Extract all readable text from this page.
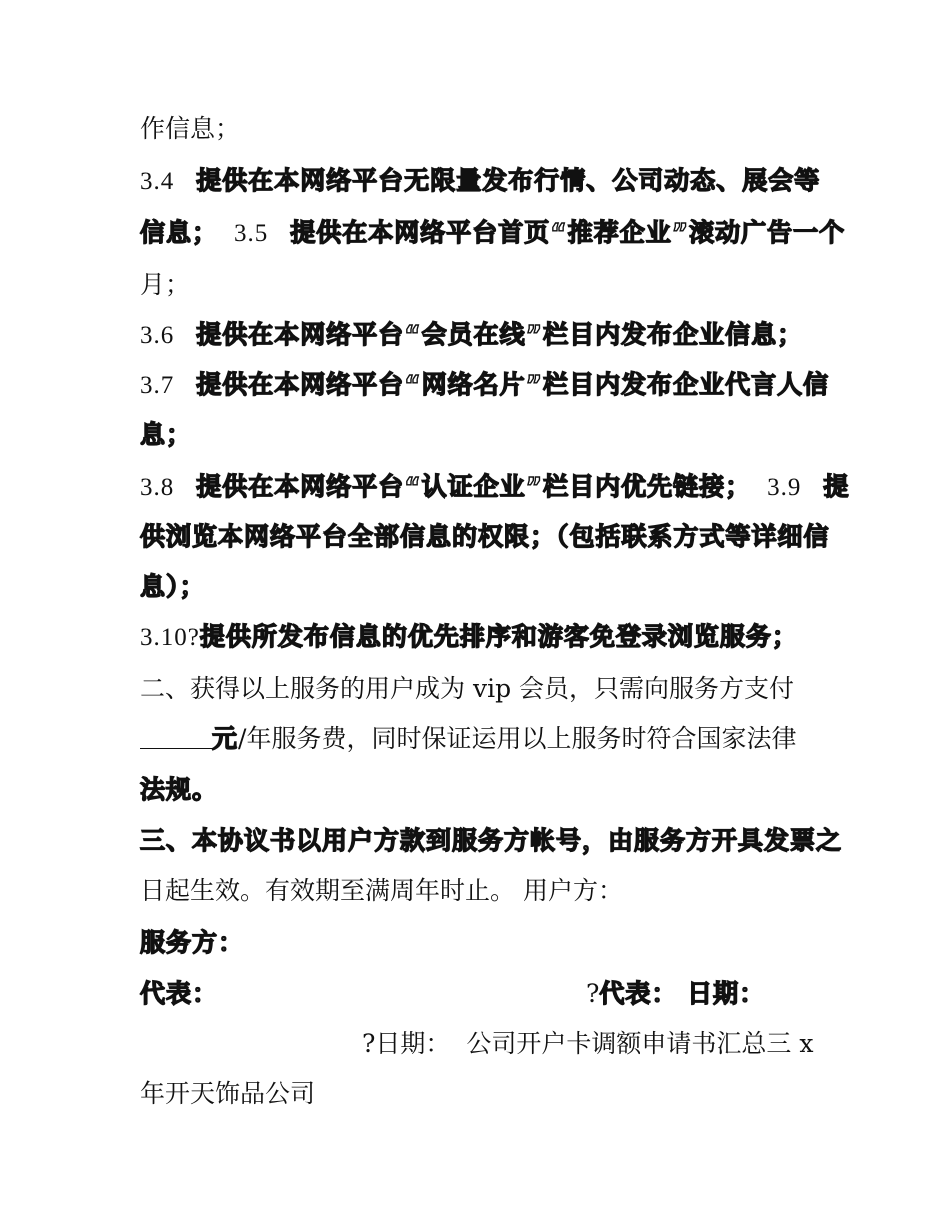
作信息；
3.4 提供在本网络平台无限量发布行情、公司动态、展会等
信息； 3.5 提供在本网络平台首页“推荐企业”滚动广告一个
月；
3.6 提供在本网络平台“会员在线”栏目内发布企业信息；
3.7 提供在本网络平台“网络名片”栏目内发布企业代言人信
息；
3.8 提供在本网络平台“认证企业”栏目内优先链接； 3.9 提
供浏览本网络平台全部信息的权限；（包括联系方式等详细信
息）；
3.10?提供所发布信息的优先排序和游客免登录浏览服务；
二、获得以上服务的用户成为 vip 会员，只需向服务方支付
元/年服务费，同时保证运用以上服务时符合国家法律
法规。
三、本协议书以用户方款到服务方帐号，由服务方开具发票之
日起生效。有效期至满周年时止。 用户方：
服务方：
代表：	?代表： 日期：
?日期： 公司开户卡调额申请书汇总三 x
年开天饰品公司
